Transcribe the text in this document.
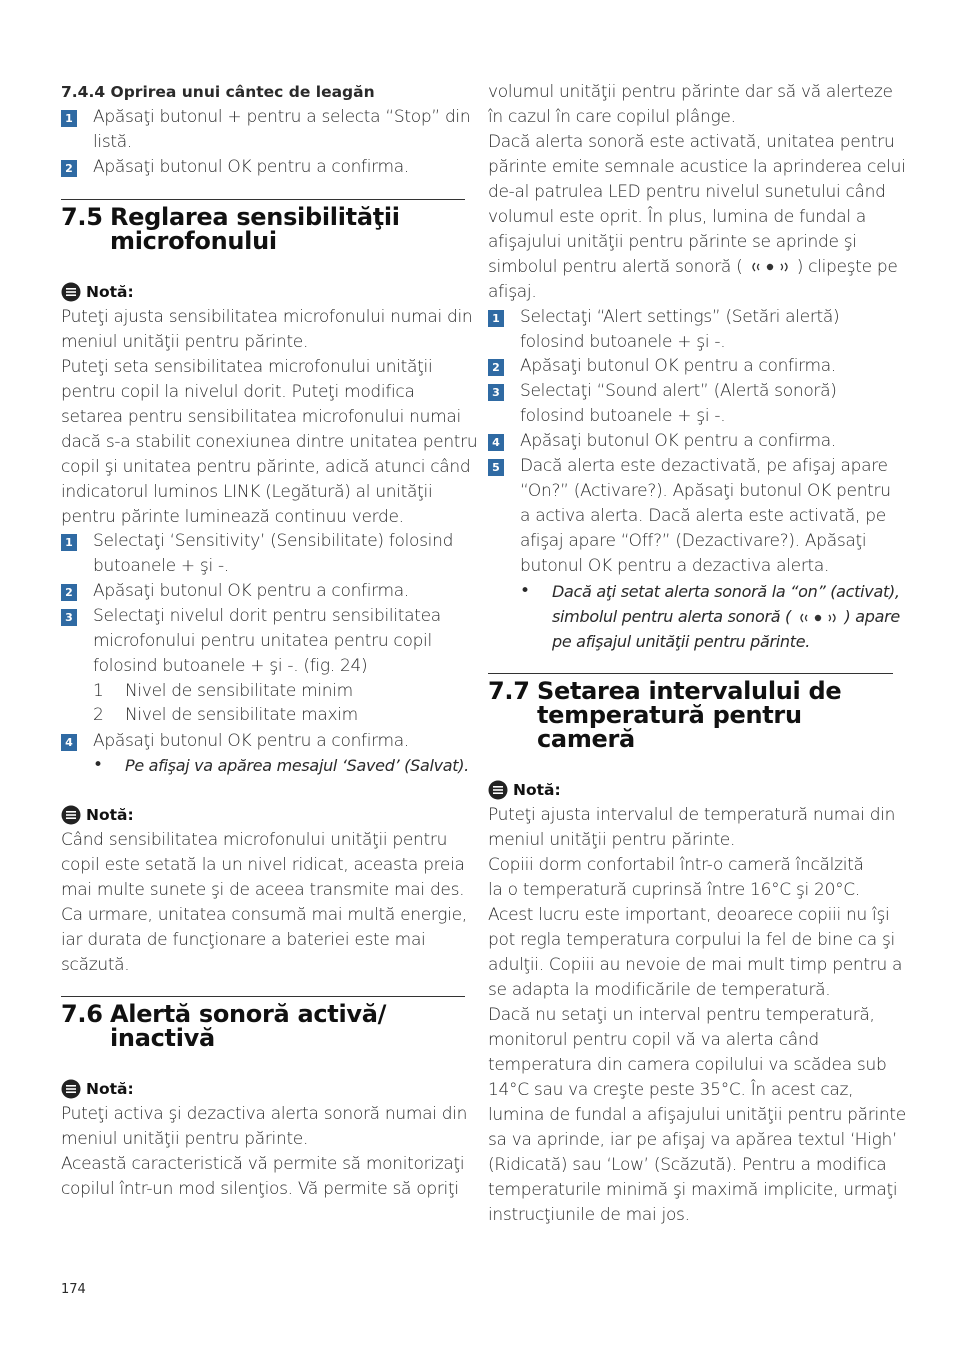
7.4.4 Oprirea unui cântec de leagăn
1 Apăsaţi butonul + pentru a selecta “Stop” din
listă.
2 Apăsaţi butonul OK pentru a confirma.
7.5 Reglarea sensibilităţii
microfonului
Notă:
Puteţi ajusta sensibilitatea microfonului numai din
meniul unităţii pentru părinte.
Puteţi seta sensibilitatea microfonului unităţii
pentru copil la nivelul dorit. Puteţi modifica
setarea pentru sensibilitatea microfonului numai
dacă s-a stabilit conexiunea dintre unitatea pentru
copil şi unitatea pentru părinte, adică atunci când
indicatorul luminos LINK (Legătură) al unităţii
pentru părinte luminează continuu verde.
1 Selectaţi ‘Sensitivity’ (Sensibilitate) folosind
butoanele + şi -.
2 Apăsaţi butonul OK pentru a confirma.
3 Selectaţi nivelul dorit pentru sensibilitatea
microfonului pentru unitatea pentru copil
folosind butoanele + şi -. (fig. 24)
1 Nivel de sensibilitate minim
2 Nivel de sensibilitate maxim
4 Apăsaţi butonul OK pentru a confirma.
• Pe afişaj va apărea mesajul ‘Saved’ (Salvat).
Notă:
Când sensibilitatea microfonului unităţii pentru
copil este setată la un nivel ridicat, aceasta preia
mai multe sunete şi de aceea transmite mai des.
Ca urmare, unitatea consumă mai multă energie,
iar durata de funcţionare a bateriei este mai
scăzută.
7.6 Alertă sonoră activă/
inactivă
Notă:
Puteţi activa şi dezactiva alerta sonoră numai din
meniul unităţii pentru părinte.
Această caracteristică vă permite să monitorizaţi
copilul într-un mod silenţios. Vă permite să opriţi
volumul unităţii pentru părinte dar să vă alerteze
în cazul în care copilul plânge.
Dacă alerta sonoră este activată, unitatea pentru
părinte emite semnale acustice la aprinderea celui
de-al patrulea LED pentru nivelul sunetului când
volumul este oprit. În plus, lumina de fundal a
afişajului unităţii pentru părinte se aprinde şi
simbolul pentru alertă sonoră (	) clipeşte pe
afişaj.
1 Selectaţi “Alert settings” (Setări alertă)
folosind butoanele + şi -.
2 Apăsaţi butonul OK pentru a confirma.
3 Selectaţi “Sound alert” (Alertă sonoră)
folosind butoanele + şi -.
4 Apăsaţi butonul OK pentru a confirma.
5 Dacă alerta este dezactivată, pe afişaj apare
“On?” (Activare?). Apăsaţi butonul OK pentru
a activa alerta. Dacă alerta este activată, pe
afişaj apare “Off?” (Dezactivare?). Apăsaţi
butonul OK pentru a dezactiva alerta.
• Dacă aţi setat alerta sonoră la “on” (activat),
simbolul pentru alerta sonoră (	) apare
pe afişajul unităţii pentru părinte.
7.7 Setarea intervalului de
temperatură pentru
cameră
Notă:
Puteţi ajusta intervalul de temperatură numai din
meniul unităţii pentru părinte.
Copiii dorm confortabil într-o cameră încălzită
la o temperatură cuprinsă între 16°C şi 20°C.
Acest lucru este important, deoarece copiii nu îşi
pot regla temperatura corpului la fel de bine ca şi
adulţii. Copiii au nevoie de mai mult timp pentru a
se adapta la modificările de temperatură.
Dacă nu setaţi un interval pentru temperatură,
monitorul pentru copil vă va alerta când
temperatura din camera copilului va scădea sub
14°C sau va creşte peste 35°C. În acest caz,
lumina de fundal a afişajului unităţii pentru părinte
sa va aprinde, iar pe afişaj va apărea textul ‘High’
(Ridicată) sau ‘Low’ (Scăzută). Pentru a modifica
temperaturile minimă şi maximă implicite, urmaţi
instrucţiunile de mai jos.
174
